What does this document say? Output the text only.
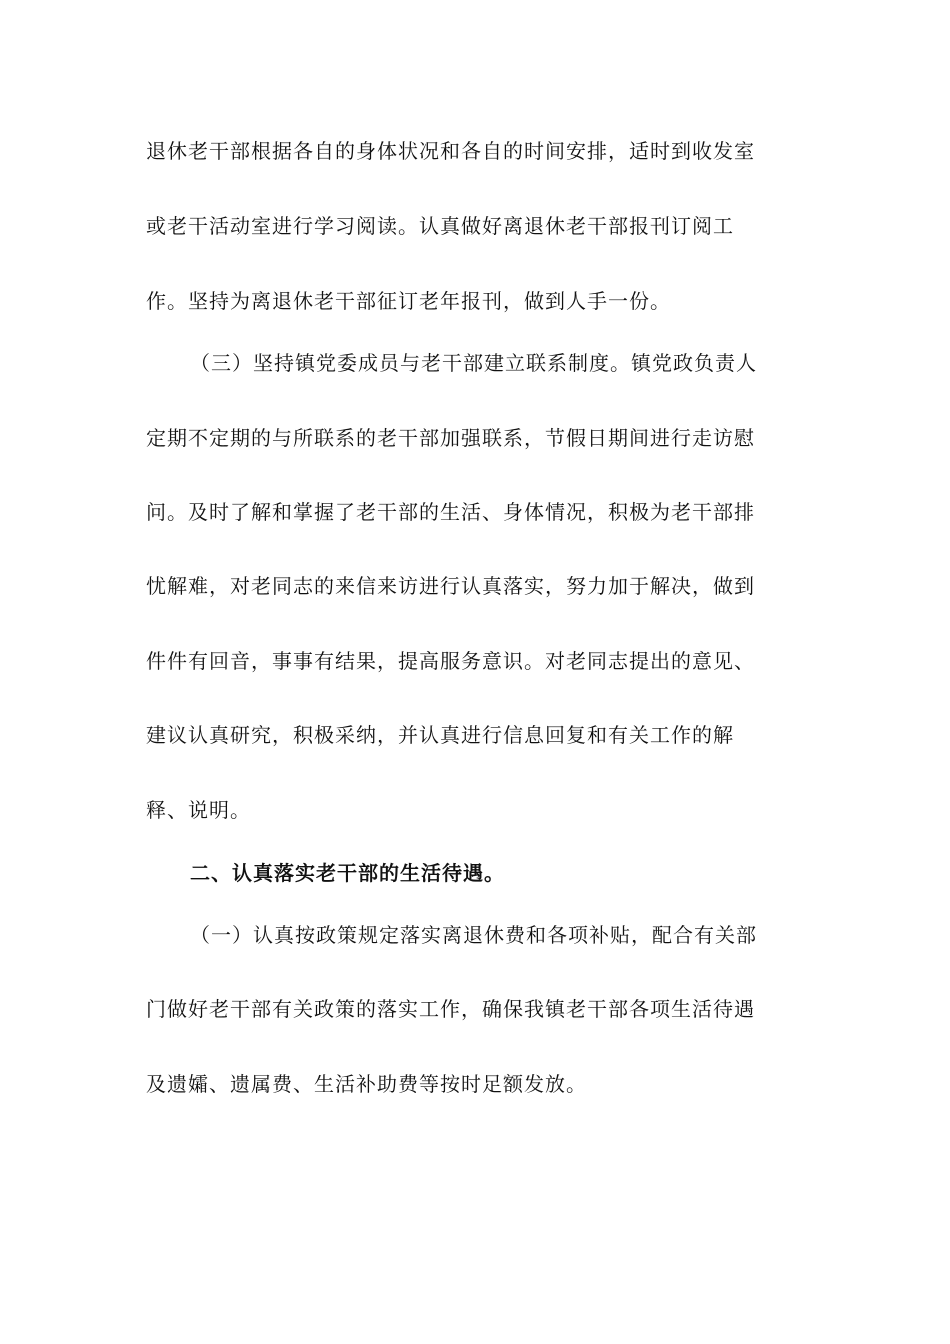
退休老干部根据各自的身体状况和各自的时间安排，适时到收发室
或老干活动室进行学习阅读。认真做好离退休老干部报刊订阅工
作。坚持为离退休老干部征订老年报刊，做到人手一份。
（三）坚持镇党委成员与老干部建立联系制度。镇党政负责人
定期不定期的与所联系的老干部加强联系，节假日期间进行走访慰
问。及时了解和掌握了老干部的生活、身体情况，积极为老干部排
忧解难，对老同志的来信来访进行认真落实，努力加于解决，做到
件件有回音，事事有结果，提高服务意识。对老同志提出的意见、
建议认真研究，积极采纳，并认真进行信息回复和有关工作的解
释、说明。
二、认真落实老干部的生活待遇。
（一）认真按政策规定落实离退休费和各项补贴，配合有关部
门做好老干部有关政策的落实工作，确保我镇老干部各项生活待遇
及遗孀、遗属费、生活补助费等按时足额发放。
